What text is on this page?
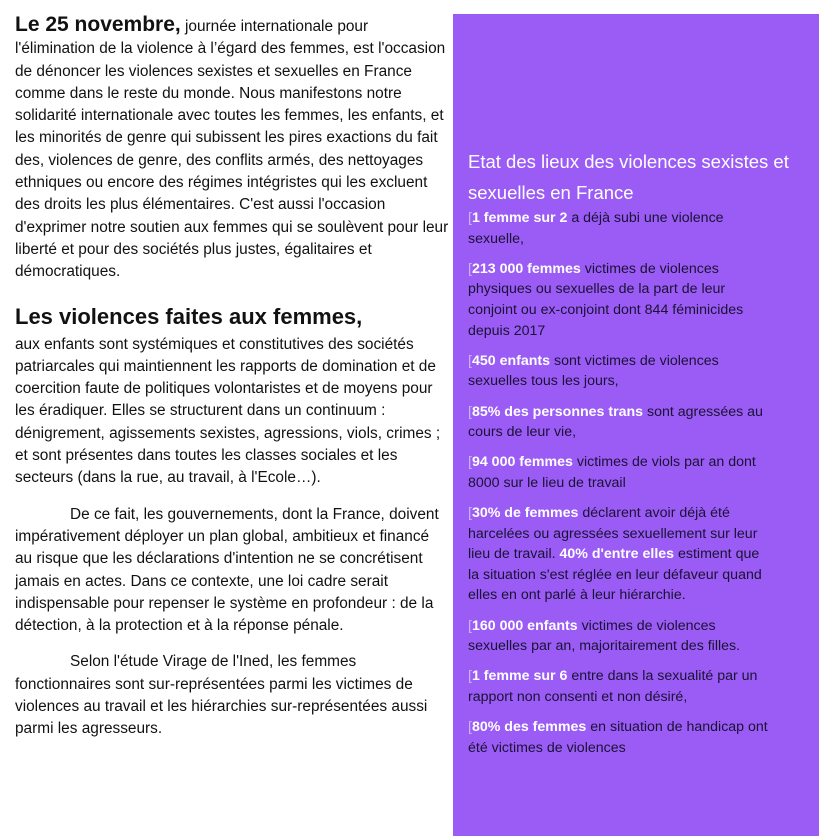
Le 25 novembre, journée internationale pour l'élimination de la violence à l’égard des femmes, est l'occasion de dénoncer les violences sexistes et sexuelles en France comme dans le reste du monde. Nous manifestons notre solidarité internationale avec toutes les femmes, les enfants, et les minorités de genre qui subissent les pires exactions du fait des, violences de genre, des conflits armés, des nettoyages ethniques ou encore des régimes intégristes qui les excluent des droits les plus élémentaires. C'est aussi l'occasion d'exprimer notre soutien aux femmes qui se soulèvent pour leur liberté et pour des sociétés plus justes, égalitaires et démocratiques.

Les violences faites aux femmes,

aux enfants sont systémiques et constitutives des sociétés patriarcales qui maintiennent les rapports de domination et de coercition faute de politiques volontaristes et de moyens pour les éradiquer. Elles se structurent dans un continuum : dénigrement, agissements sexistes, agressions, viols, crimes ; et sont présentes dans toutes les classes sociales et les secteurs (dans la rue, au travail, à l'Ecole…).

De ce fait, les gouvernements, dont la France, doivent impérativement déployer un plan global, ambitieux et financé au risque que les déclarations d'intention ne se concrétisent jamais en actes. Dans ce contexte, une loi cadre serait indispensable pour repenser le système en profondeur : de la détection, à la protection et à la réponse pénale.

Selon l'étude Virage de l'Ined, les femmes fonctionnaires sont sur-représentées parmi les victimes de violences au travail et les hiérarchies sur-représentées aussi parmi les agresseurs.

Etat des lieux des violences sexistes et sexuelles en France
[1 femme sur 2 a déjà subi une violence sexuelle,
[213 000 femmes victimes de violences physiques ou sexuelles de la part de leur conjoint ou ex-conjoint dont 844 féminicides depuis 2017
[450 enfants sont victimes de violences sexuelles tous les jours,
[85% des personnes trans sont agressées au cours de leur vie,
[94 000 femmes victimes de viols par an dont 8000 sur le lieu de travail
[30% de femmes déclarent avoir déjà été harcelées ou agressées sexuellement sur leur lieu de travail. 40% d'entre elles estiment que la situation s'est réglée en leur défaveur quand elles en ont parlé à leur hiérarchie.
[160 000 enfants victimes de violences sexuelles par an, majoritairement des filles.
[1 femme sur 6 entre dans la sexualité par un rapport non consenti et non désiré,
[80% des femmes en situation de handicap ont été victimes de violences
